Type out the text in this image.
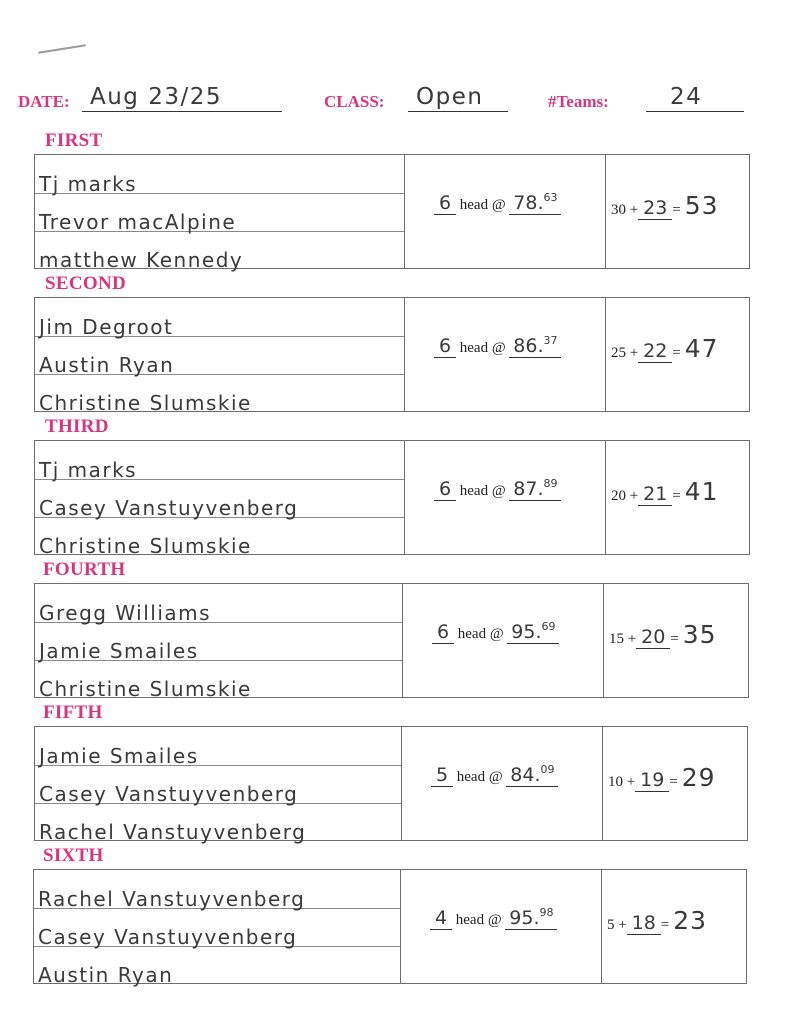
DATE: Aug 23/25	CLASS: Open	#Teams:	24
FIRST
Tj marks
Trevor macAlpine
matthew Kennedy
6 head @ 78.63
30 + 23 = 53
SECOND
Jim Degroot
Austin Ryan
Christine Slumskie
6 head @ 86.37
25 + 22 = 47
THIRD
Tj marks
Casey Vanstuyvenberg
Christine Slumskie
6 head @ 87.89
20 + 21 = 41
FOURTH
Gregg Williams
Jamie Smailes
Christine Slumskie
6 head @ 95.69
15 + 20 = 35
FIFTH
Jamie Smailes
Casey Vanstuyvenberg
Rachel Vanstuyvenberg
5 head @ 84.09
10 + 19 = 29
SIXTH
Rachel Vanstuyvenberg
Casey Vanstuyvenberg
Austin Ryan
4 head @ 95.98
5 + 18 = 23
